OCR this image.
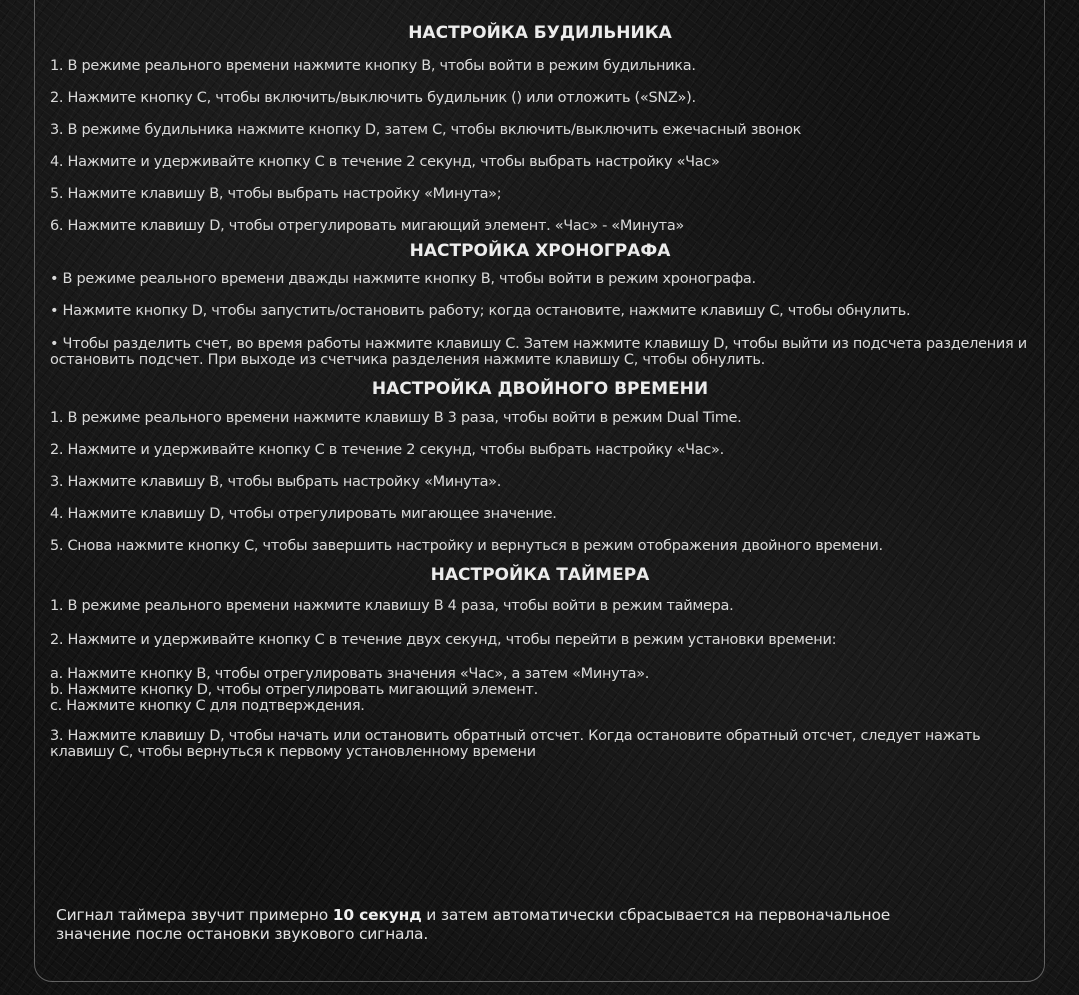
НАСТРОЙКА БУДИЛЬНИКА
1. В режиме реального времени нажмите кнопку B, чтобы войти в режим будильника.
2. Нажмите кнопку C, чтобы включить/выключить будильник () или отложить («SNZ»).
3. В режиме будильника нажмите кнопку D, затем C, чтобы включить/выключить ежечасный звонок
4. Нажмите и удерживайте кнопку C в течение 2 секунд, чтобы выбрать настройку «Час»
5. Нажмите клавишу B, чтобы выбрать настройку «Минута»;
6. Нажмите клавишу D, чтобы отрегулировать мигающий элемент. «Час» - «Минута»
НАСТРОЙКА ХРОНОГРАФА
• В режиме реального времени дважды нажмите кнопку B, чтобы войти в режим хронографа.
• Нажмите кнопку D, чтобы запустить/остановить работу; когда остановите, нажмите клавишу C, чтобы обнулить.
• Чтобы разделить счет, во время работы нажмите клавишу C. Затем нажмите клавишу D, чтобы выйти из подсчета разделения и остановить подсчет. При выходе из счетчика разделения нажмите клавишу C, чтобы обнулить.
НАСТРОЙКА ДВОЙНОГО ВРЕМЕНИ
1. В режиме реального времени нажмите клавишу B 3 раза, чтобы войти в режим Dual Time.
2. Нажмите и удерживайте кнопку C в течение 2 секунд, чтобы выбрать настройку «Час».
3. Нажмите клавишу B, чтобы выбрать настройку «Минута».
4. Нажмите клавишу D, чтобы отрегулировать мигающее значение.
5. Снова нажмите кнопку C, чтобы завершить настройку и вернуться в режим отображения двойного времени.
НАСТРОЙКА ТАЙМЕРА
1. В режиме реального времени нажмите клавишу B 4 раза, чтобы войти в режим таймера.
2. Нажмите и удерживайте кнопку C в течение двух секунд, чтобы перейти в режим установки времени:
a. Нажмите кнопку B, чтобы отрегулировать значения «Час», а затем «Минута».
b. Нажмите кнопку D, чтобы отрегулировать мигающий элемент.
c. Нажмите кнопку C для подтверждения.
3. Нажмите клавишу D, чтобы начать или остановить обратный отсчет. Когда остановите обратный отсчет, следует нажать клавишу C, чтобы вернуться к первому установленному времени
Сигнал таймера звучит примерно 10 секунд и затем автоматически сбрасывается на первоначальное значение после остановки звукового сигнала.
